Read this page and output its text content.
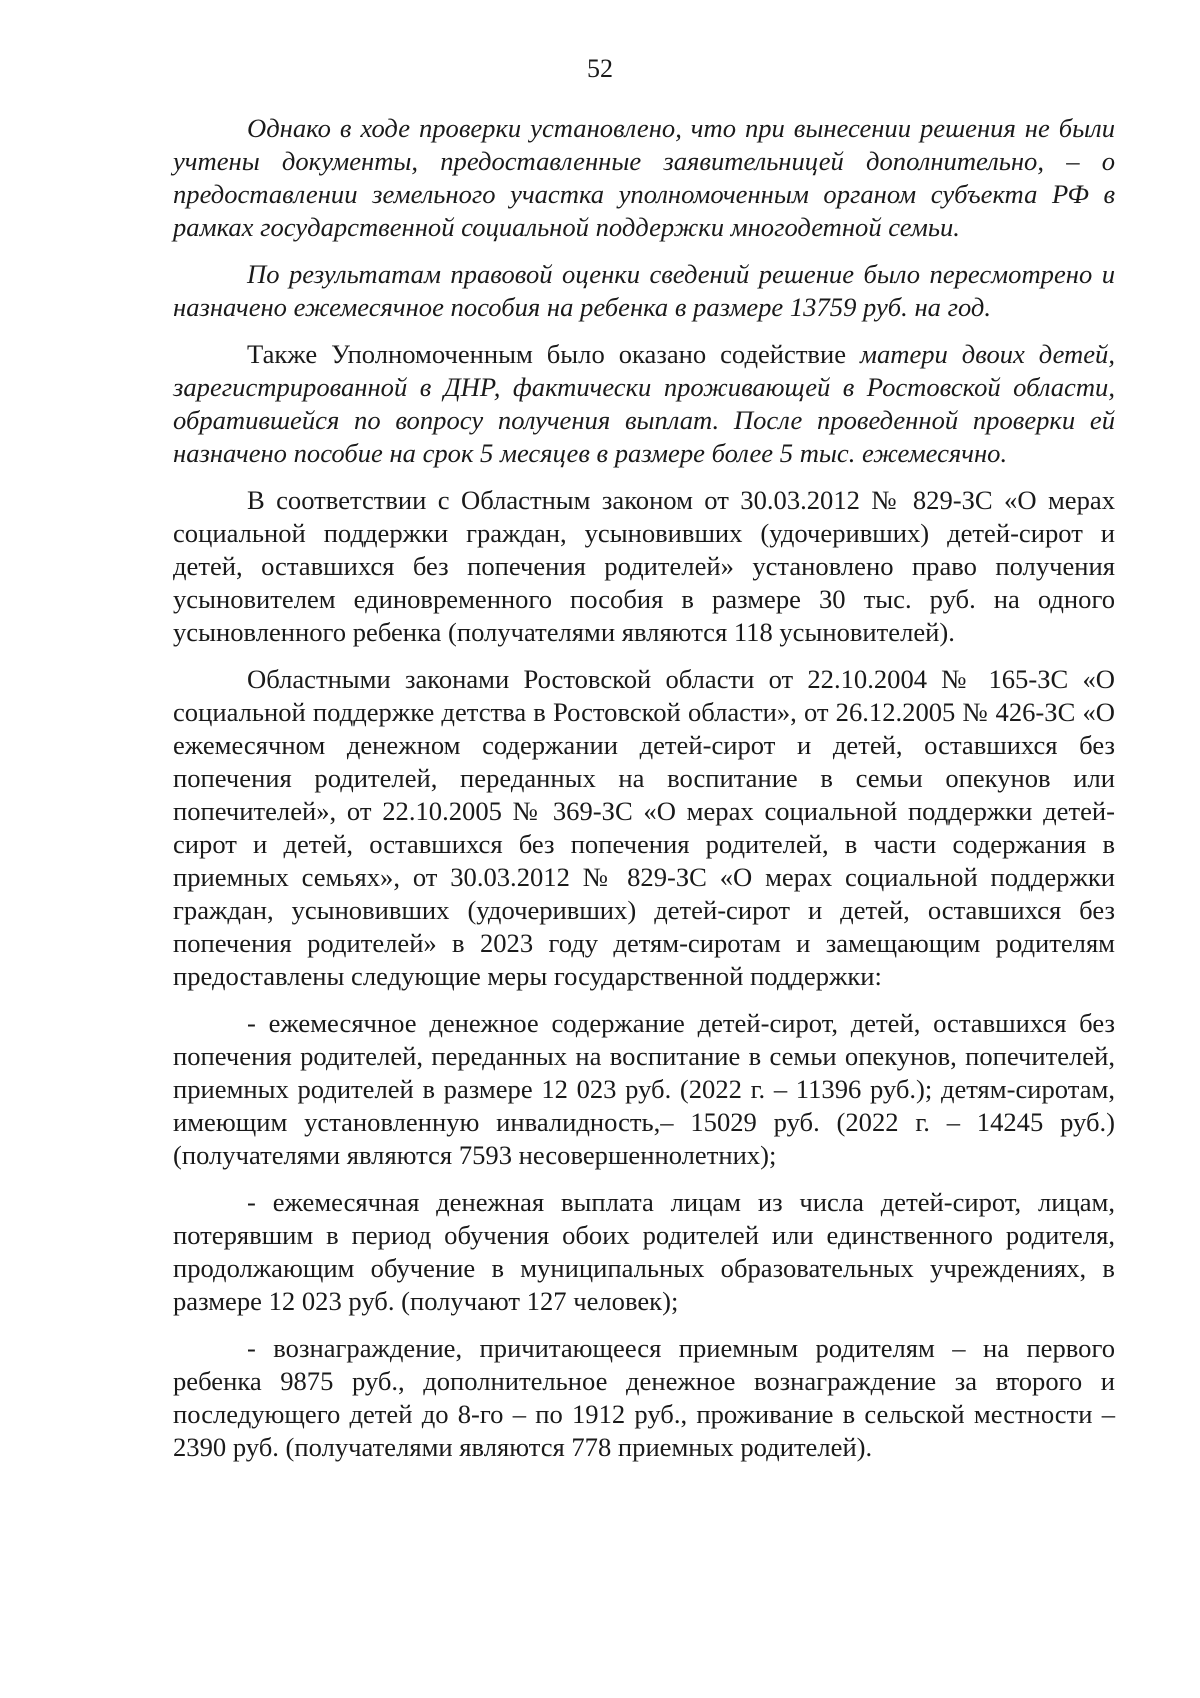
52

Однако в ходе проверки установлено, что при вынесении решения не были учтены документы, предоставленные заявительницей дополнительно, – о предоставлении земельного участка уполномоченным органом субъекта РФ в рамках государственной социальной поддержки многодетной семьи.

По результатам правовой оценки сведений решение было пересмотрено и назначено ежемесячное пособия на ребенка в размере 13759 руб. на год.

Также Уполномоченным было оказано содействие матери двоих детей, зарегистрированной в ДНР, фактически проживающей в Ростовской области, обратившейся по вопросу получения выплат. После проведенной проверки ей назначено пособие на срок 5 месяцев в размере более 5 тыс. ежемесячно.

В соответствии с Областным законом от 30.03.2012 № 829-ЗС «О мерах социальной поддержки граждан, усыновивших (удочеривших) детей-сирот и детей, оставшихся без попечения родителей» установлено право получения усыновителем единовременного пособия в размере 30 тыс. руб. на одного усыновленного ребенка (получателями являются 118 усыновителей).

Областными законами Ростовской области от 22.10.2004 № 165-ЗС «О социальной поддержке детства в Ростовской области», от 26.12.2005 № 426-ЗС «О ежемесячном денежном содержании детей-сирот и детей, оставшихся без попечения родителей, переданных на воспитание в семьи опекунов или попечителей», от 22.10.2005 № 369-ЗС «О мерах социальной поддержки детей-сирот и детей, оставшихся без попечения родителей, в части содержания в приемных семьях», от 30.03.2012 № 829-ЗС «О мерах социальной поддержки граждан, усыновивших (удочеривших) детей-сирот и детей, оставшихся без попечения родителей» в 2023 году детям-сиротам и замещающим родителям предоставлены следующие меры государственной поддержки:

- ежемесячное денежное содержание детей-сирот, детей, оставшихся без попечения родителей, переданных на воспитание в семьи опекунов, попечителей, приемных родителей в размере 12 023 руб. (2022 г. – 11396 руб.); детям-сиротам, имеющим установленную инвалидность,– 15029 руб. (2022 г. – 14245 руб.) (получателями являются 7593 несовершеннолетних);

- ежемесячная денежная выплата лицам из числа детей-сирот, лицам, потерявшим в период обучения обоих родителей или единственного родителя, продолжающим обучение в муниципальных образовательных учреждениях, в размере 12 023 руб. (получают 127 человек);

- вознаграждение, причитающееся приемным родителям – на первого ребенка 9875 руб., дополнительное денежное вознаграждение за второго и последующего детей до 8-го – по 1912 руб., проживание в сельской местности – 2390 руб. (получателями являются 778 приемных родителей).
